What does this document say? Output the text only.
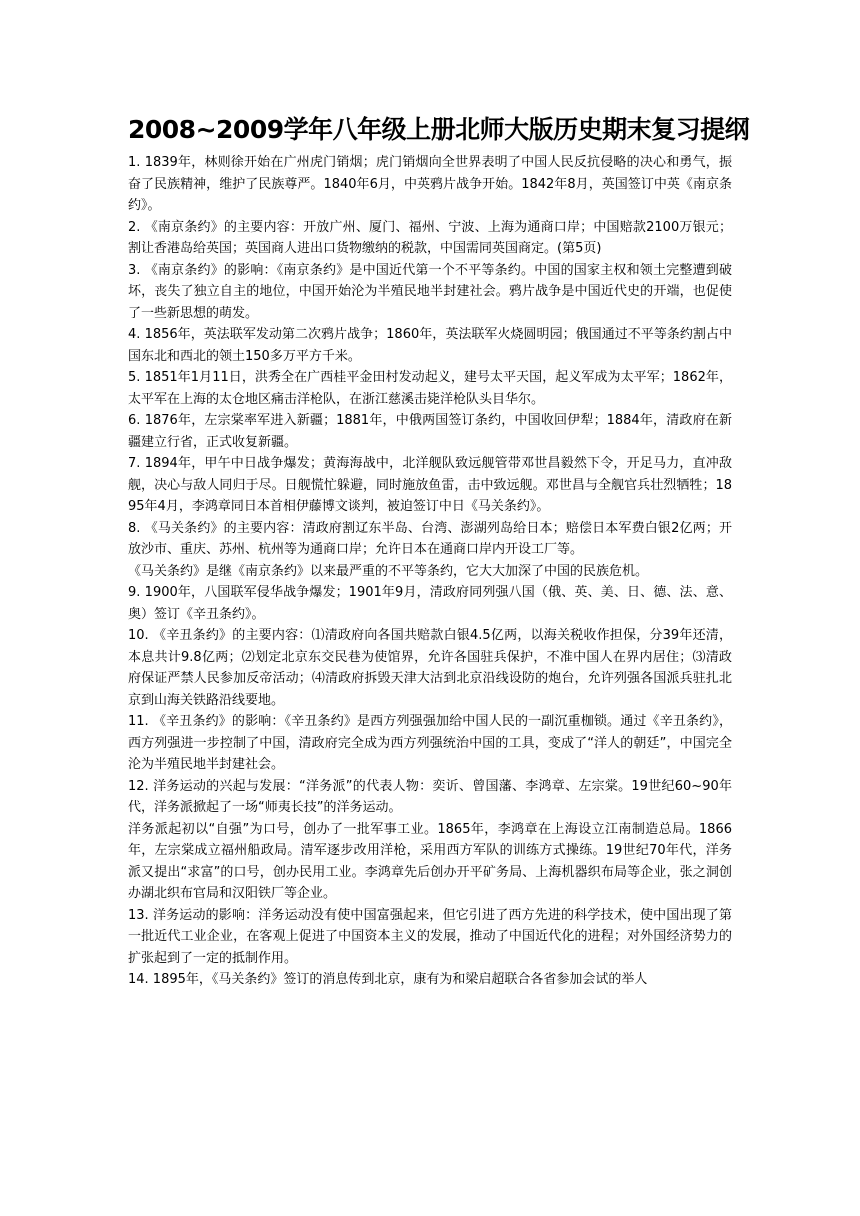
2008~2009学年八年级上册北师大版历史期末复习提纲

1. 1839年，林则徐开始在广州虎门销烟；虎门销烟向全世界表明了中国人民反抗侵略的决心和勇气，振奋了民族精神，维护了民族尊严。1840年6月，中英鸦片战争开始。1842年8月，英国签订中英《南京条约》。

2. 《南京条约》的主要内容：开放广州、厦门、福州、宁波、上海为通商口岸；中国赔款2100万银元；割让香港岛给英国；英国商人进出口货物缴纳的税款，中国需同英国商定。(第5页)

3. 《南京条约》的影响：《南京条约》是中国近代第一个不平等条约。中国的国家主权和领土完整遭到破坏，丧失了独立自主的地位，中国开始沦为半殖民地半封建社会。鸦片战争是中国近代史的开端，也促使了一些新思想的萌发。

4. 1856年，英法联军发动第二次鸦片战争；1860年，英法联军火烧圆明园；俄国通过不平等条约割占中国东北和西北的领土150多万平方千米。

5. 1851年1月11日，洪秀全在广西桂平金田村发动起义，建号太平天国，起义军成为太平军；1862年，太平军在上海的太仓地区痛击洋枪队，在浙江慈溪击毙洋枪队头目华尔。

6. 1876年，左宗棠率军进入新疆；1881年，中俄两国签订条约，中国收回伊犁；1884年，清政府在新疆建立行省，正式收复新疆。

7. 1894年，甲午中日战争爆发；黄海海战中，北洋舰队致远舰管带邓世昌毅然下令，开足马力，直冲敌舰，决心与敌人同归于尽。日舰慌忙躲避，同时施放鱼雷，击中致远舰。邓世昌与全舰官兵壮烈牺牲；1895年4月，李鸿章同日本首相伊藤博文谈判，被迫签订中日《马关条约》。

8. 《马关条约》的主要内容：清政府割辽东半岛、台湾、澎湖列岛给日本；赔偿日本军费白银2亿两；开放沙市、重庆、苏州、杭州等为通商口岸；允许日本在通商口岸内开设工厂等。

《马关条约》是继《南京条约》以来最严重的不平等条约，它大大加深了中国的民族危机。

9. 1900年，八国联军侵华战争爆发；1901年9月，清政府同列强八国（俄、英、美、日、德、法、意、奥）签订《辛丑条约》。

10. 《辛丑条约》的主要内容：⑴清政府向各国共赔款白银4.5亿两，以海关税收作担保，分39年还清，本息共计9.8亿两；⑵划定北京东交民巷为使馆界，允许各国驻兵保护，不准中国人在界内居住；⑶清政府保证严禁人民参加反帝活动；⑷清政府拆毁天津大沽到北京沿线设防的炮台，允许列强各国派兵驻扎北京到山海关铁路沿线要地。

11. 《辛丑条约》的影响：《辛丑条约》是西方列强强加给中国人民的一副沉重枷锁。通过《辛丑条约》，西方列强进一步控制了中国，清政府完全成为西方列强统治中国的工具，变成了“洋人的朝廷”，中国完全沦为半殖民地半封建社会。

12. 洋务运动的兴起与发展：“洋务派”的代表人物：奕䜣、曾国藩、李鸿章、左宗棠。19世纪60~90年代，洋务派掀起了一场“师夷长技”的洋务运动。

洋务派起初以“自强”为口号，创办了一批军事工业。1865年，李鸿章在上海设立江南制造总局。1866年，左宗棠成立福州船政局。清军逐步改用洋枪，采用西方军队的训练方式操练。19世纪70年代，洋务派又提出“求富”的口号，创办民用工业。李鸿章先后创办开平矿务局、上海机器织布局等企业，张之洞创办湖北织布官局和汉阳铁厂等企业。

13. 洋务运动的影响：洋务运动没有使中国富强起来，但它引进了西方先进的科学技术，使中国出现了第一批近代工业企业，在客观上促进了中国资本主义的发展，推动了中国近代化的进程；对外国经济势力的扩张起到了一定的抵制作用。

14. 1895年，《马关条约》签订的消息传到北京，康有为和梁启超联合各省参加会试的举人
